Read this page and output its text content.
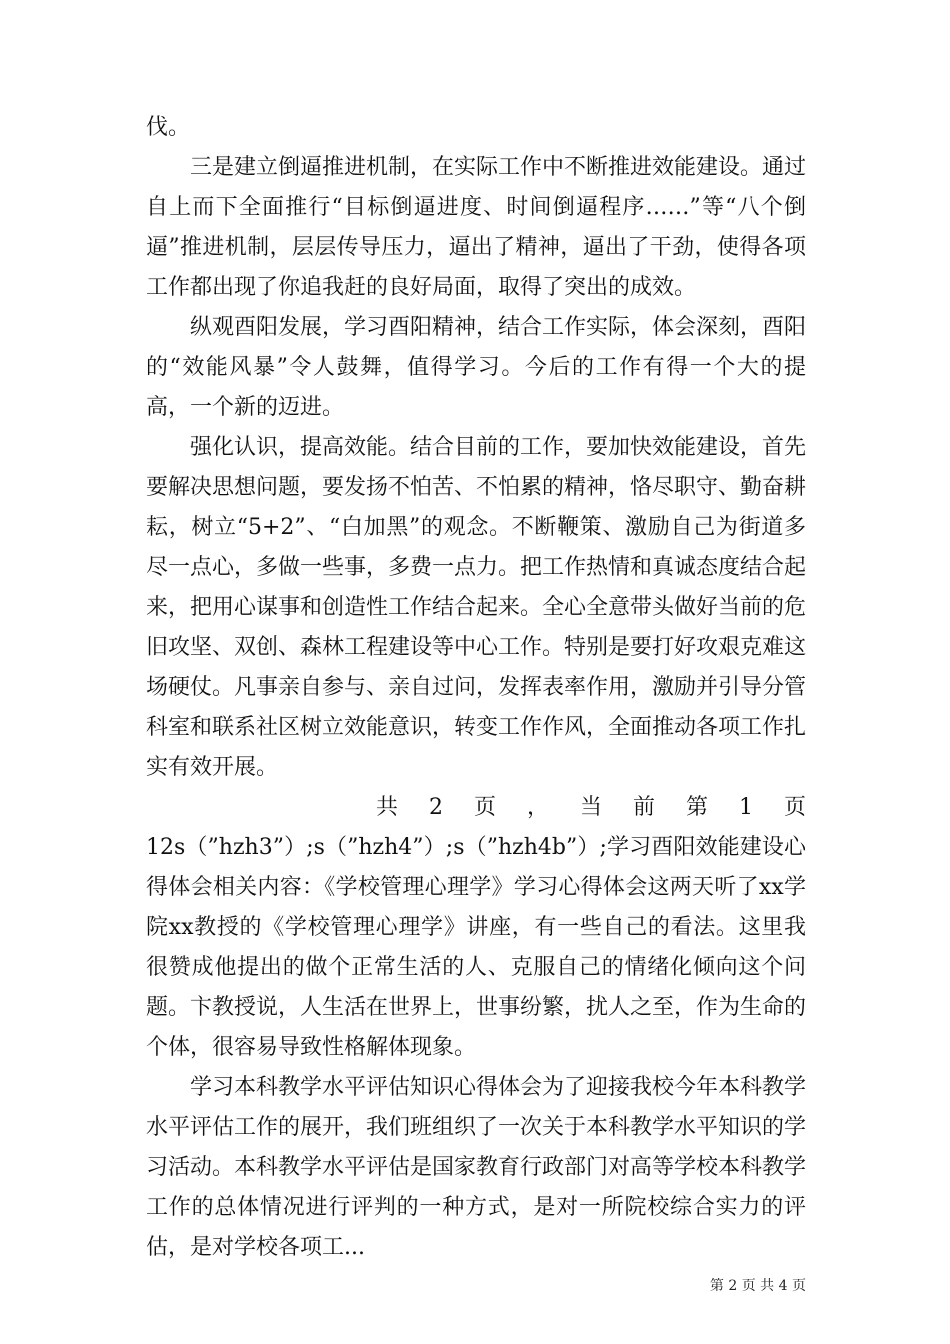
伐。

三是建立倒逼推进机制，在实际工作中不断推进效能建设。通过自上而下全面推行“目标倒逼进度、时间倒逼程序……”等“八个倒逼”推进机制，层层传导压力，逼出了精神，逼出了干劲，使得各项工作都出现了你追我赶的良好局面，取得了突出的成效。

纵观酉阳发展，学习酉阳精神，结合工作实际，体会深刻，酉阳的“效能风暴”令人鼓舞，值得学习。今后的工作有得一个大的提高，一个新的迈进。

强化认识，提高效能。结合目前的工作，要加快效能建设，首先要解决思想问题，要发扬不怕苦、不怕累的精神，恪尽职守、勤奋耕耘，树立“5+2”、“白加黑”的观念。不断鞭策、激励自己为街道多尽一点心，多做一些事，多费一点力。把工作热情和真诚态度结合起来，把用心谋事和创造性工作结合起来。全心全意带头做好当前的危旧攻坚、双创、森林工程建设等中心工作。特别是要打好攻艰克难这场硬仗。凡事亲自参与、亲自过问，发挥表率作用，激励并引导分管科室和联系社区树立效能意识，转变工作作风，全面推动各项工作扎实有效开展。

共 2 页 ， 当 前 第 1 页

12s（”hzh3”）;s（”hzh4”）;s（”hzh4b”）;学习酉阳效能建设心得体会相关内容：《学校管理心理学》学习心得体会这两天听了xx学院xx教授的《学校管理心理学》讲座，有一些自己的看法。这里我很赞成他提出的做个正常生活的人、克服自己的情绪化倾向这个问题。卞教授说，人生活在世界上，世事纷繁，扰人之至，作为生命的个体，很容易导致性格解体现象。

学习本科教学水平评估知识心得体会为了迎接我校今年本科教学水平评估工作的展开，我们班组织了一次关于本科教学水平知识的学习活动。本科教学水平评估是国家教育行政部门对高等学校本科教学工作的总体情况进行评判的一种方式，是对一所院校综合实力的评估，是对学校各项工...

第 2 页 共 4 页
